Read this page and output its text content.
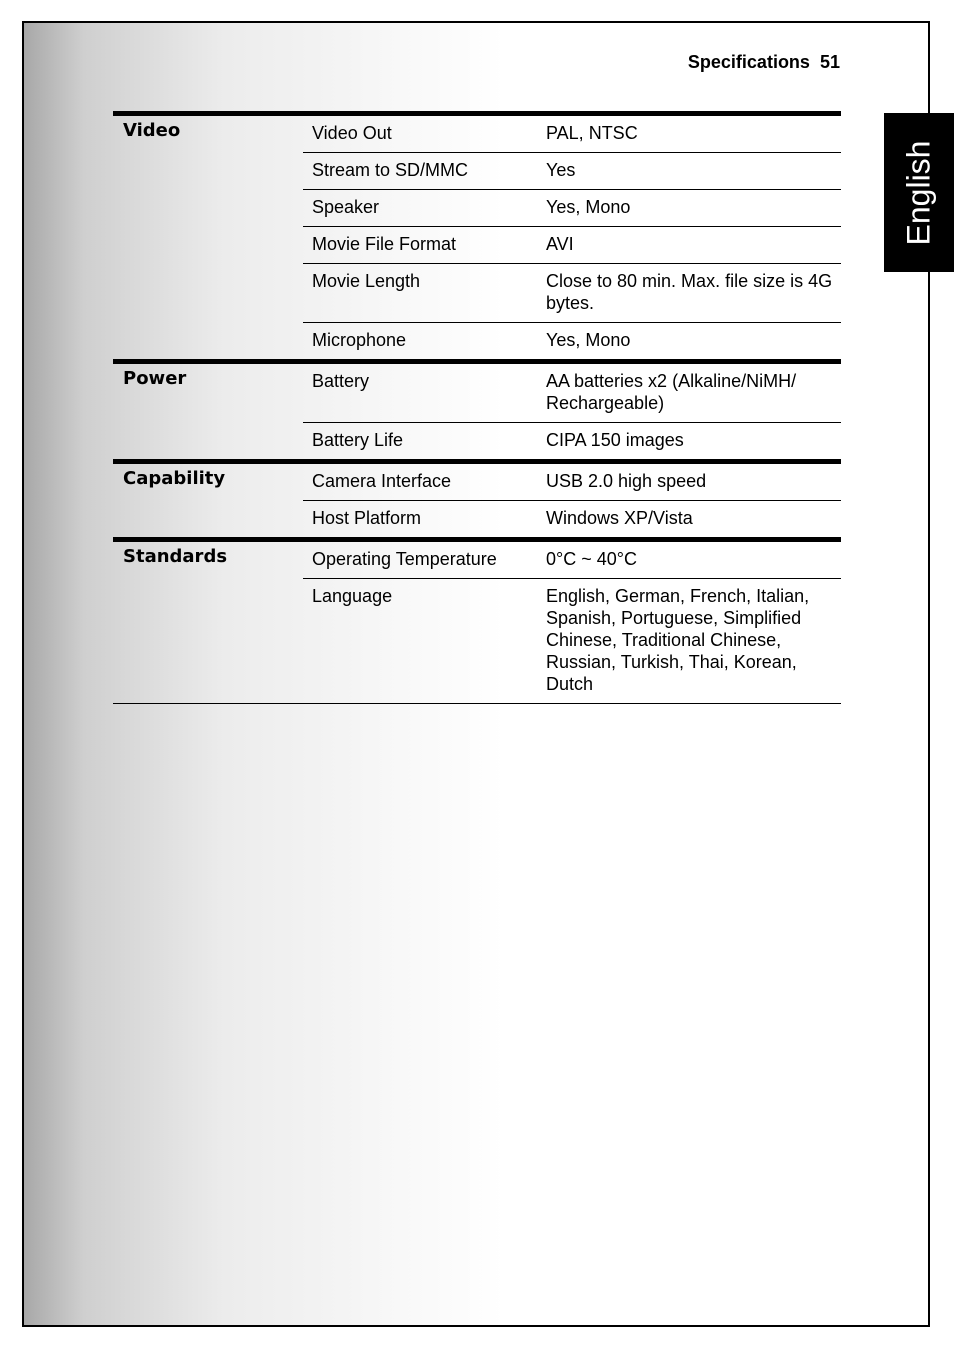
Specifications 51
English
Video	Video Out	PAL, NTSC
Stream to SD/MMC	Yes
Speaker	Yes, Mono
Movie File Format	AVI
Movie Length	Close to 80 min. Max. file size is 4G bytes.
Microphone	Yes, Mono
Power	Battery	AA batteries x2 (Alkaline/NiMH/ Rechargeable)
Battery Life	CIPA 150 images
Capability	Camera Interface	USB 2.0 high speed
Host Platform	Windows XP/Vista
Standards	Operating Temperature	0°C ~ 40°C
Language	English, German, French, Italian, Spanish, Portuguese, Simplified Chinese, Traditional Chinese, Russian, Turkish, Thai, Korean, Dutch
